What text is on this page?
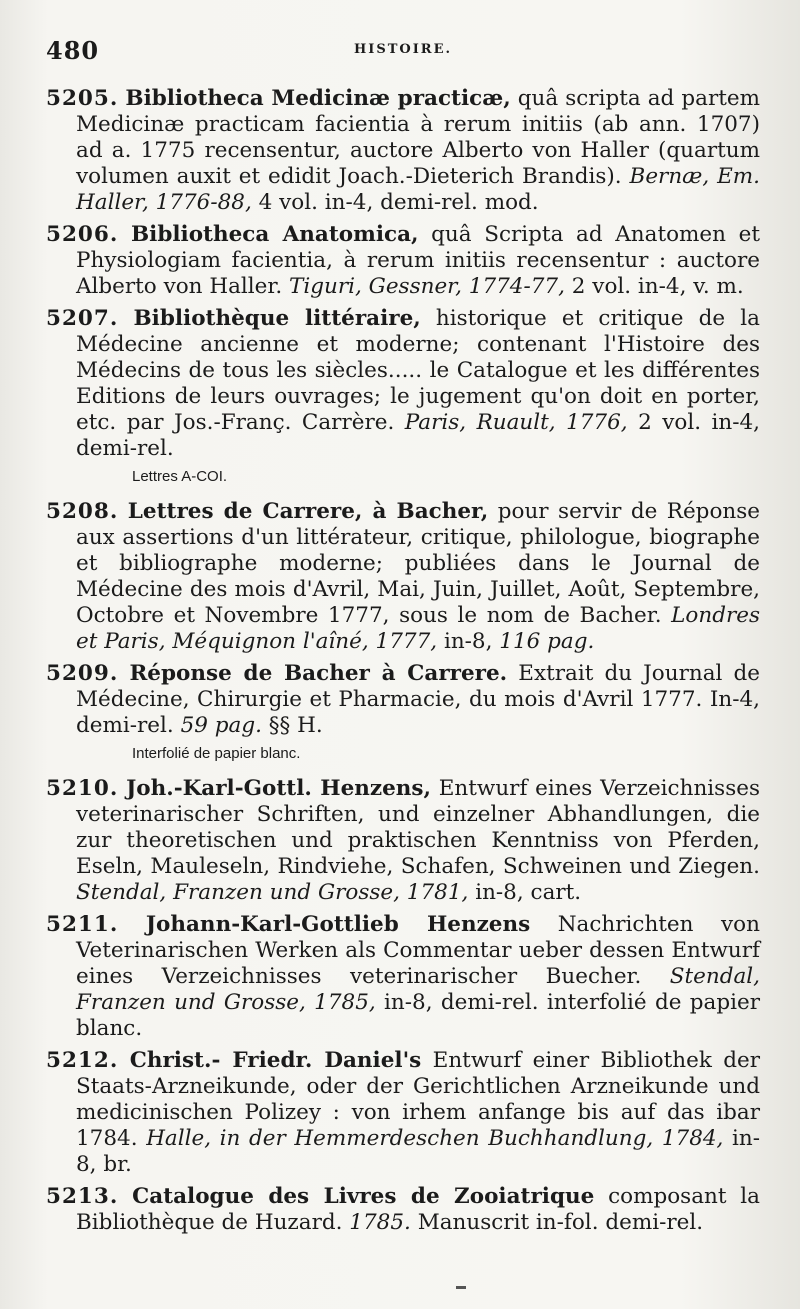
480	HISTOIRE.
5205. Bibliotheca Medicinæ practicæ, quâ scripta ad partem Medicinæ practicam facientia à rerum initiis (ab ann. 1707) ad a. 1775 recensentur, auctore Alberto von Haller (quartum volumen auxit et edidit Joach.-Dieterich Brandis). Bernæ, Em. Haller, 1776-88, 4 vol. in-4, demi-rel. mod.
5206. Bibliotheca Anatomica, quâ Scripta ad Anatomen et Physiologiam facientia, à rerum initiis recensentur : auctore Alberto von Haller. Tiguri, Gessner, 1774-77, 2 vol. in-4, v. m.
5207. Bibliothèque littéraire, historique et critique de la Médecine ancienne et moderne; contenant l'Histoire des Médecins de tous les siècles..... le Catalogue et les différentes Editions de leurs ouvrages; le jugement qu'on doit en porter, etc. par Jos.-Franç. Carrère. Paris, Ruault, 1776, 2 vol. in-4, demi-rel.
Lettres A-COI.
5208. Lettres de Carrere, à Bacher, pour servir de Réponse aux assertions d'un littérateur, critique, philologue, biographe et bibliographe moderne; publiées dans le Journal de Médecine des mois d'Avril, Mai, Juin, Juillet, Août, Septembre, Octobre et Novembre 1777, sous le nom de Bacher. Londres et Paris, Méquignon l'aîné, 1777, in-8, 116 pag.
5209. Réponse de Bacher à Carrere. Extrait du Journal de Médecine, Chirurgie et Pharmacie, du mois d'Avril 1777. In-4, demi-rel. 59 pag. §§ H.
Interfolié de papier blanc.
5210. Joh.-Karl-Gottl. Henzens, Entwurf eines Verzeichnisses veterinarischer Schriften, und einzelner Abhandlungen, die zur theoretischen und praktischen Kenntniss von Pferden, Eseln, Mauleseln, Rindviehe, Schafen, Schweinen und Ziegen. Stendal, Franzen und Grosse, 1781, in-8, cart.
5211. Johann-Karl-Gottlieb Henzens Nachrichten von Veterinarischen Werken als Commentar ueber dessen Entwurf eines Verzeichnisses veterinarischer Buecher. Stendal, Franzen und Grosse, 1785, in-8, demi-rel. interfolié de papier blanc.
5212. Christ.- Friedr. Daniel's Entwurf einer Bibliothek der Staats-Arzneikunde, oder der Gerichtlichen Arzneikunde und medicinischen Polizey : von irhem anfange bis auf das ibar 1784. Halle, in der Hemmerdeschen Buchhandlung, 1784, in-8, br.
5213. Catalogue des Livres de Zooiatrique composant la Bibliothèque de Huzard. 1785. Manuscrit in-fol. demi-rel.
